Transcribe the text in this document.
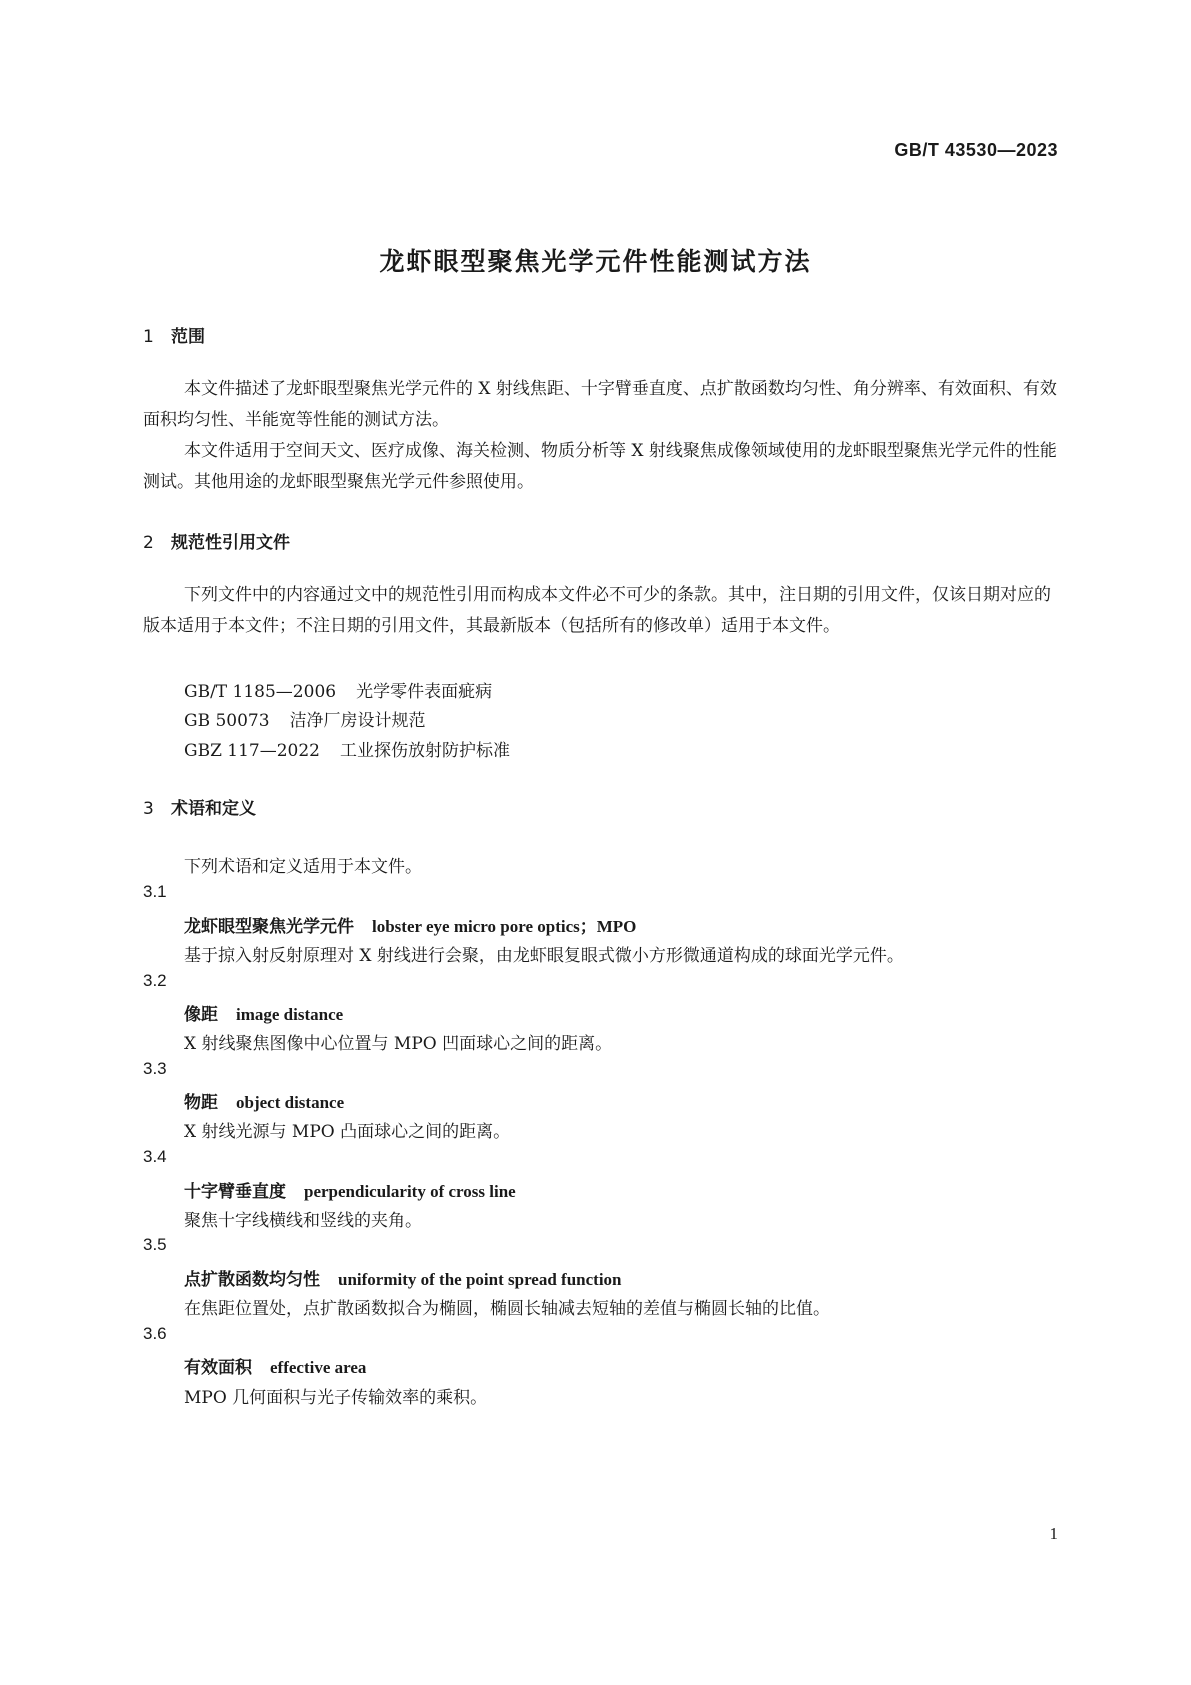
GB/T 43530—2023
龙虾眼型聚焦光学元件性能测试方法
1 范围
本文件描述了龙虾眼型聚焦光学元件的 X 射线焦距、十字臂垂直度、点扩散函数均匀性、角分辨率、有效面积、有效面积均匀性、半能宽等性能的测试方法。
本文件适用于空间天文、医疗成像、海关检测、物质分析等 X 射线聚焦成像领域使用的龙虾眼型聚焦光学元件的性能测试。其他用途的龙虾眼型聚焦光学元件参照使用。
2 规范性引用文件
下列文件中的内容通过文中的规范性引用而构成本文件必不可少的条款。其中，注日期的引用文件，仅该日期对应的版本适用于本文件；不注日期的引用文件，其最新版本（包括所有的修改单）适用于本文件。
GB/T 1185—2006 光学零件表面疵病
GB 50073 洁净厂房设计规范
GBZ 117—2022 工业探伤放射防护标准
3 术语和定义
下列术语和定义适用于本文件。
3.1
龙虾眼型聚焦光学元件 lobster eye micro pore optics；MPO
基于掠入射反射原理对 X 射线进行会聚，由龙虾眼复眼式微小方形微通道构成的球面光学元件。
3.2
像距 image distance
X 射线聚焦图像中心位置与 MPO 凹面球心之间的距离。
3.3
物距 object distance
X 射线光源与 MPO 凸面球心之间的距离。
3.4
十字臂垂直度 perpendicularity of cross line
聚焦十字线横线和竖线的夹角。
3.5
点扩散函数均匀性 uniformity of the point spread function
在焦距位置处，点扩散函数拟合为椭圆，椭圆长轴减去短轴的差值与椭圆长轴的比值。
3.6
有效面积 effective area
MPO 几何面积与光子传输效率的乘积。
1
